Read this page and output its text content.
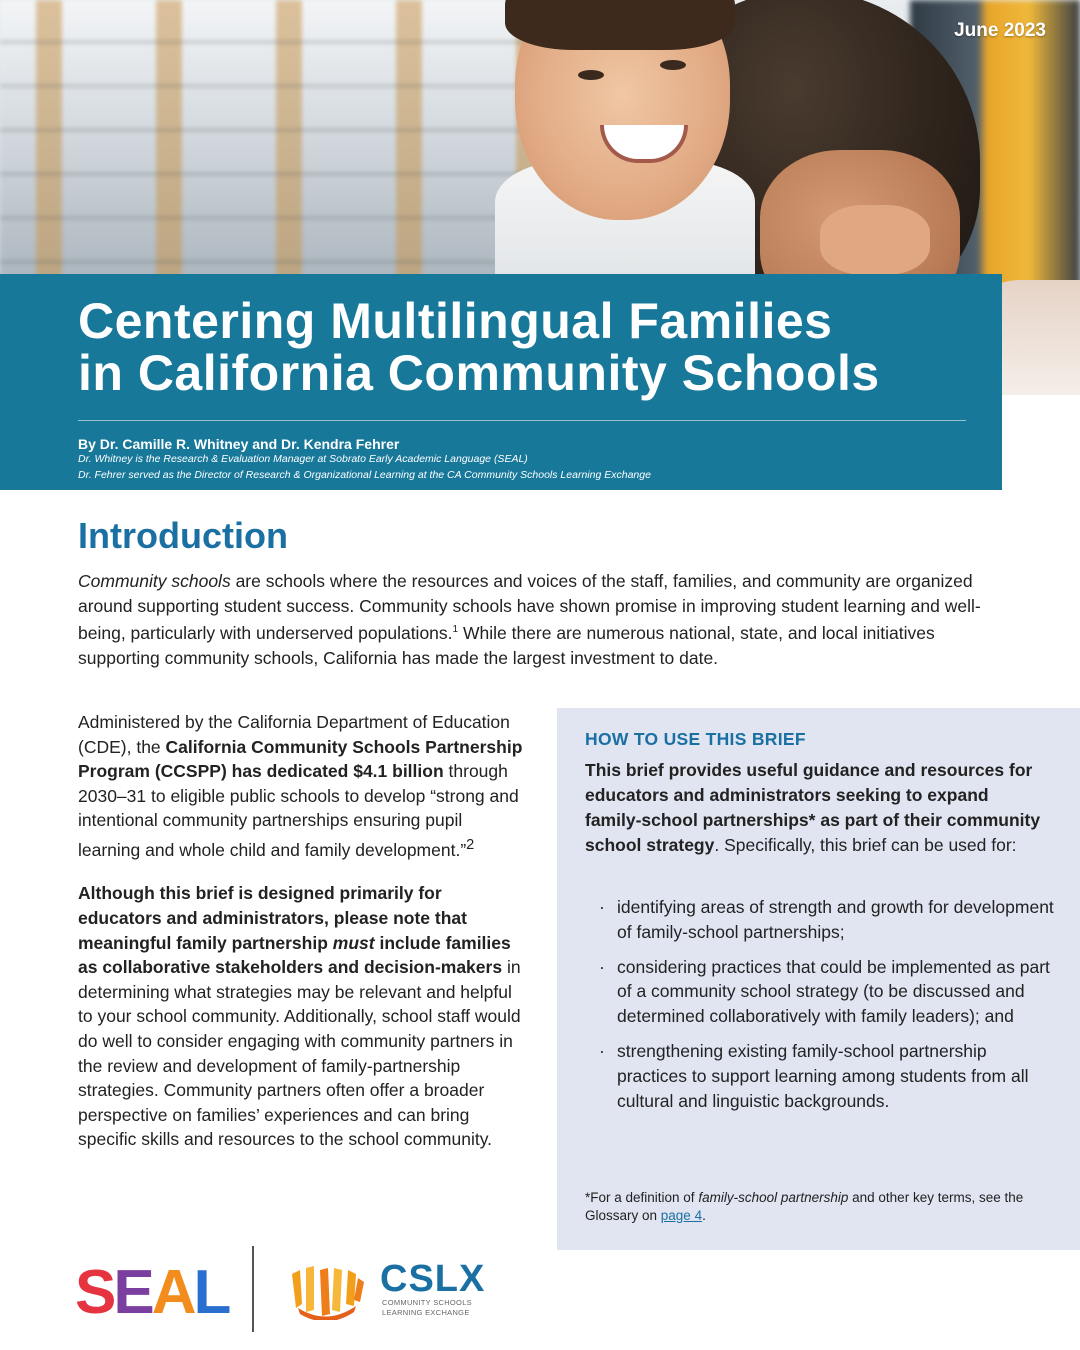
June 2023
Centering Multilingual Families
in California Community Schools
By Dr. Camille R. Whitney and Dr. Kendra Fehrer
Dr. Whitney is the Research & Evaluation Manager at Sobrato Early Academic Language (SEAL)
Dr. Fehrer served as the Director of Research & Organizational Learning at the CA Community Schools Learning Exchange
Introduction

Community schools are schools where the resources and voices of the staff, families, and community are organized around supporting student success. Community schools have shown promise in improving student learning and well-being, particularly with underserved populations.$^1$ While there are numerous national, state, and local initiatives supporting community schools, California has made the largest investment to date.

Administered by the California Department of Education (CDE), the California Community Schools Partnership Program (CCSPP) has dedicated $4.1 billion through 2030–31 to eligible public schools to develop “strong and intentional community partnerships ensuring pupil learning and whole child and family development.”$^2$

Although this brief is designed primarily for educators and administrators, please note that meaningful family partnership must include families as collaborative stakeholders and decision-makers in determining what strategies may be relevant and helpful to your school community. Additionally, school staff would do well to consider engaging with community partners in the review and development of family-partnership strategies. Community partners often offer a broader perspective on families’ experiences and can bring specific skills and resources to the school community.

HOW TO USE THIS BRIEF

This brief provides useful guidance and resources for educators and administrators seeking to expand family-school partnerships* as part of their community school strategy. Specifically, this brief can be used for:

· identifying areas of strength and growth for development of family-school partnerships;
· considering practices that could be implemented as part of a community school strategy (to be discussed and determined collaboratively with family leaders); and
· strengthening existing family-school partnership practices to support learning among students from all cultural and linguistic backgrounds.
*For a definition of family-school partnership and other key terms, see the Glossary on page 4.
SEAL	CSLX
COMMUNITY SCHOOLS
LEARNING EXCHANGE
